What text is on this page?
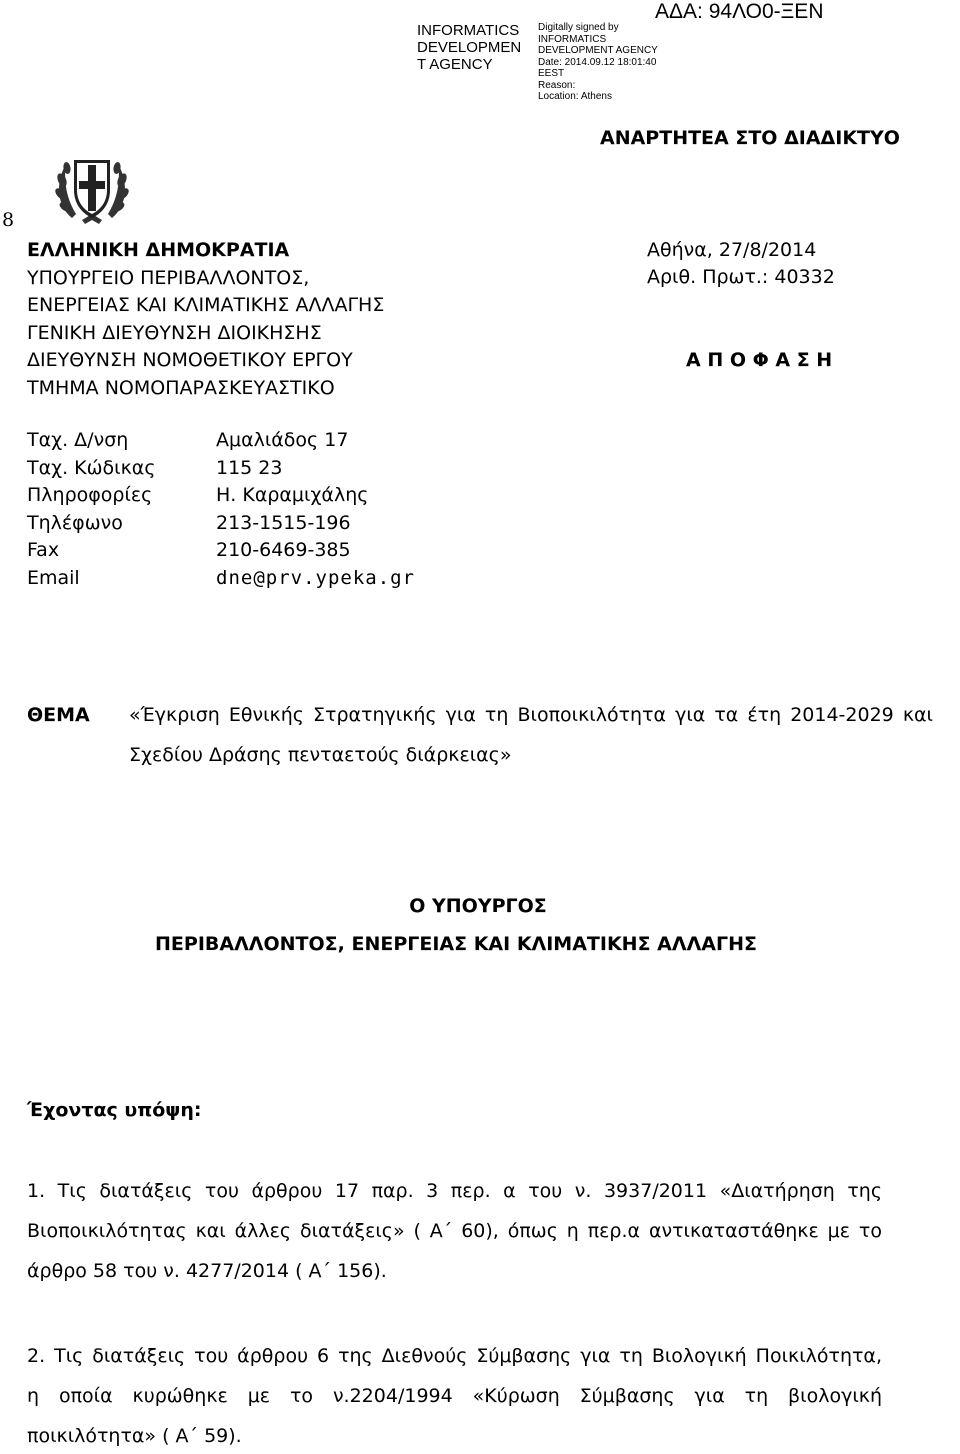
INFORMATICS
DEVELOPMEN
T AGENCY
Digitally signed by
INFORMATICS
DEVELOPMENT AGENCY
Date: 2014.09.12 18:01:40
EEST
Reason:
Location: Athens
ΑΔΑ: 94ΛΟ0-ΞΕΝ
ΑΝΑΡΤΗΤΕΑ ΣΤΟ ΔΙΑΔΙΚΤΥΟ
8
ΕΛΛΗΝΙΚΗ ΔΗΜΟΚΡΑΤΙΑ
ΥΠΟΥΡΓΕΙΟ ΠΕΡΙΒΑΛΛΟΝΤΟΣ,
ΕΝΕΡΓΕΙΑΣ ΚΑΙ ΚΛΙΜΑΤΙΚΗΣ ΑΛΛΑΓΗΣ
ΓΕΝΙΚΗ ΔΙΕΥΘΥΝΣΗ ΔΙΟΙΚΗΣΗΣ
ΔΙΕΥΘΥΝΣΗ ΝΟΜΟΘΕΤΙΚΟΥ ΕΡΓΟΥ
ΤΜΗΜΑ ΝΟΜΟΠΑΡΑΣΚΕΥΑΣΤΙΚΟ
Αθήνα, 27/8/2014
Αριθ. Πρωτ.: 40332
Α Π Ο Φ Α Σ Η
Ταχ. Δ/νση	Αμαλιάδος 17
Ταχ. Κώδικας	115 23
Πληροφορίες	Η. Καραμιχάλης
Τηλέφωνο	213-1515-196
Fax	210-6469-385
Email	dne@prv.ypeka.gr
ΘΕΜΑ «Έγκριση Εθνικής Στρατηγικής για τη Βιοποικιλότητα για τα έτη 2014-2029 και
Σχεδίου Δράσης πενταετούς διάρκειας»
Ο ΥΠΟΥΡΓΟΣ
ΠΕΡΙΒΑΛΛΟΝΤΟΣ, ΕΝΕΡΓΕΙΑΣ ΚΑΙ ΚΛΙΜΑΤΙΚΗΣ ΑΛΛΑΓΗΣ
Έχοντας υπόψη:
1. Τις διατάξεις του άρθρου 17 παρ. 3 περ. α του ν. 3937/2011 «Διατήρηση της
Βιοποικιλότητας και άλλες διατάξεις» ( Α΄ 60), όπως η περ.α αντικαταστάθηκε με το
άρθρο 58 του ν. 4277/2014 ( Α΄ 156).
2. Τις διατάξεις του άρθρου 6 της Διεθνούς Σύμβασης για τη Βιολογική Ποικιλότητα,
η οποία κυρώθηκε με το ν.2204/1994 «Κύρωση Σύμβασης για τη βιολογική
ποικιλότητα» ( Α΄ 59).
